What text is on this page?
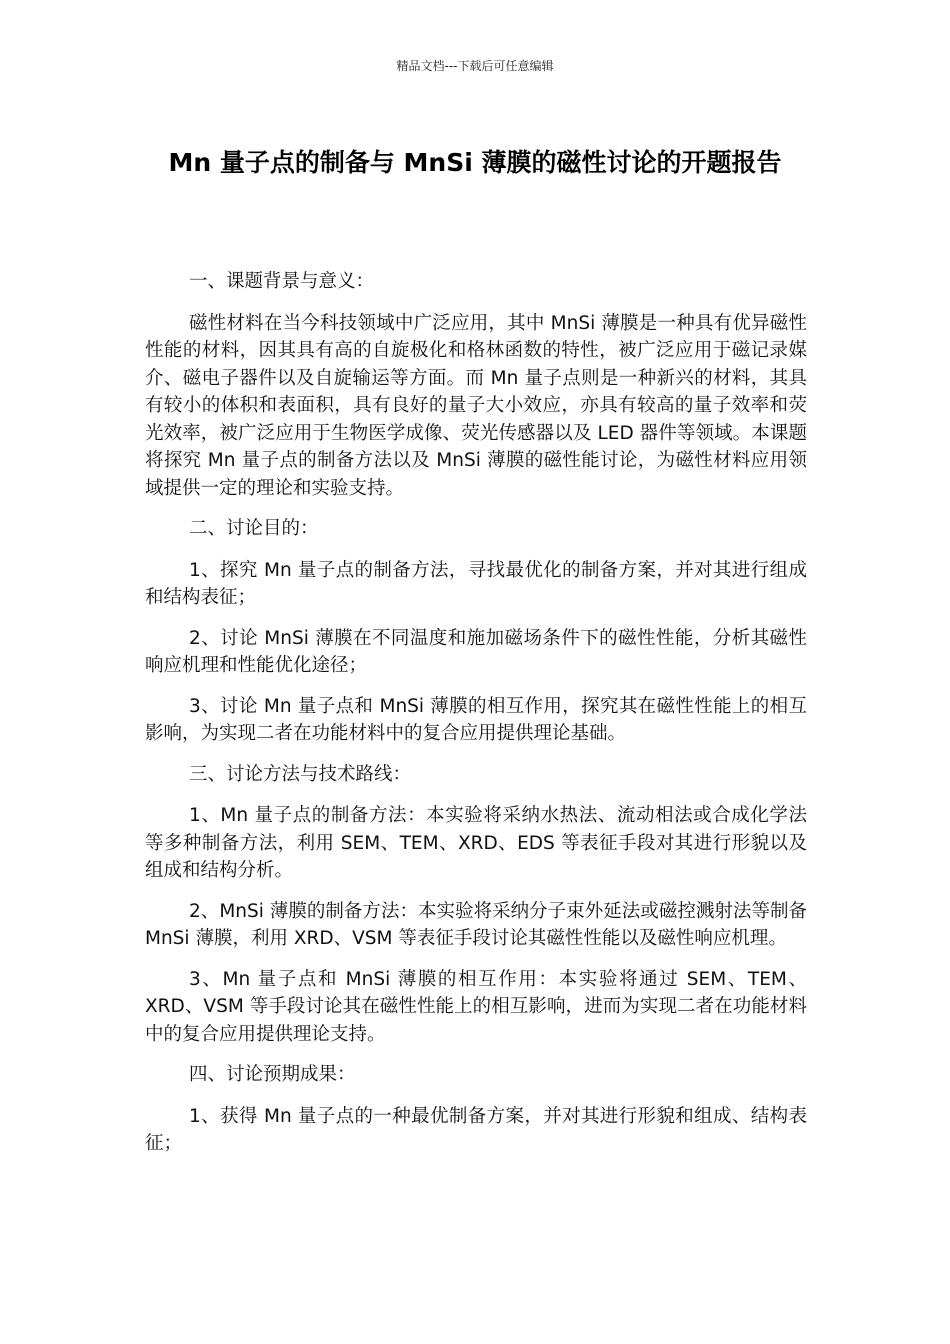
精品文档---下载后可任意编辑
Mn 量子点的制备与 MnSi 薄膜的磁性讨论的开题报告

一、课题背景与意义：

磁性材料在当今科技领域中广泛应用，其中 MnSi 薄膜是一种具有优异磁性性能的材料，因其具有高的自旋极化和格林函数的特性，被广泛应用于磁记录媒介、磁电子器件以及自旋输运等方面。而 Mn 量子点则是一种新兴的材料，其具有较小的体积和表面积，具有良好的量子大小效应，亦具有较高的量子效率和荧光效率，被广泛应用于生物医学成像、荧光传感器以及 LED 器件等领域。本课题将探究 Mn 量子点的制备方法以及 MnSi 薄膜的磁性能讨论，为磁性材料应用领域提供一定的理论和实验支持。

二、讨论目的：

1、探究 Mn 量子点的制备方法，寻找最优化的制备方案，并对其进行组成和结构表征；

2、讨论 MnSi 薄膜在不同温度和施加磁场条件下的磁性性能，分析其磁性响应机理和性能优化途径；

3、讨论 Mn 量子点和 MnSi 薄膜的相互作用，探究其在磁性性能上的相互影响，为实现二者在功能材料中的复合应用提供理论基础。

三、讨论方法与技术路线：

1、Mn 量子点的制备方法：本实验将采纳水热法、流动相法或合成化学法等多种制备方法，利用 SEM、TEM、XRD、EDS 等表征手段对其进行形貌以及组成和结构分析。

2、MnSi 薄膜的制备方法：本实验将采纳分子束外延法或磁控溅射法等制备 MnSi 薄膜，利用 XRD、VSM 等表征手段讨论其磁性性能以及磁性响应机理。

3、Mn 量子点和 MnSi 薄膜的相互作用：本实验将通过 SEM、TEM、XRD、VSM 等手段讨论其在磁性性能上的相互影响，进而为实现二者在功能材料中的复合应用提供理论支持。

四、讨论预期成果：

1、获得 Mn 量子点的一种最优制备方案，并对其进行形貌和组成、结构表征；
